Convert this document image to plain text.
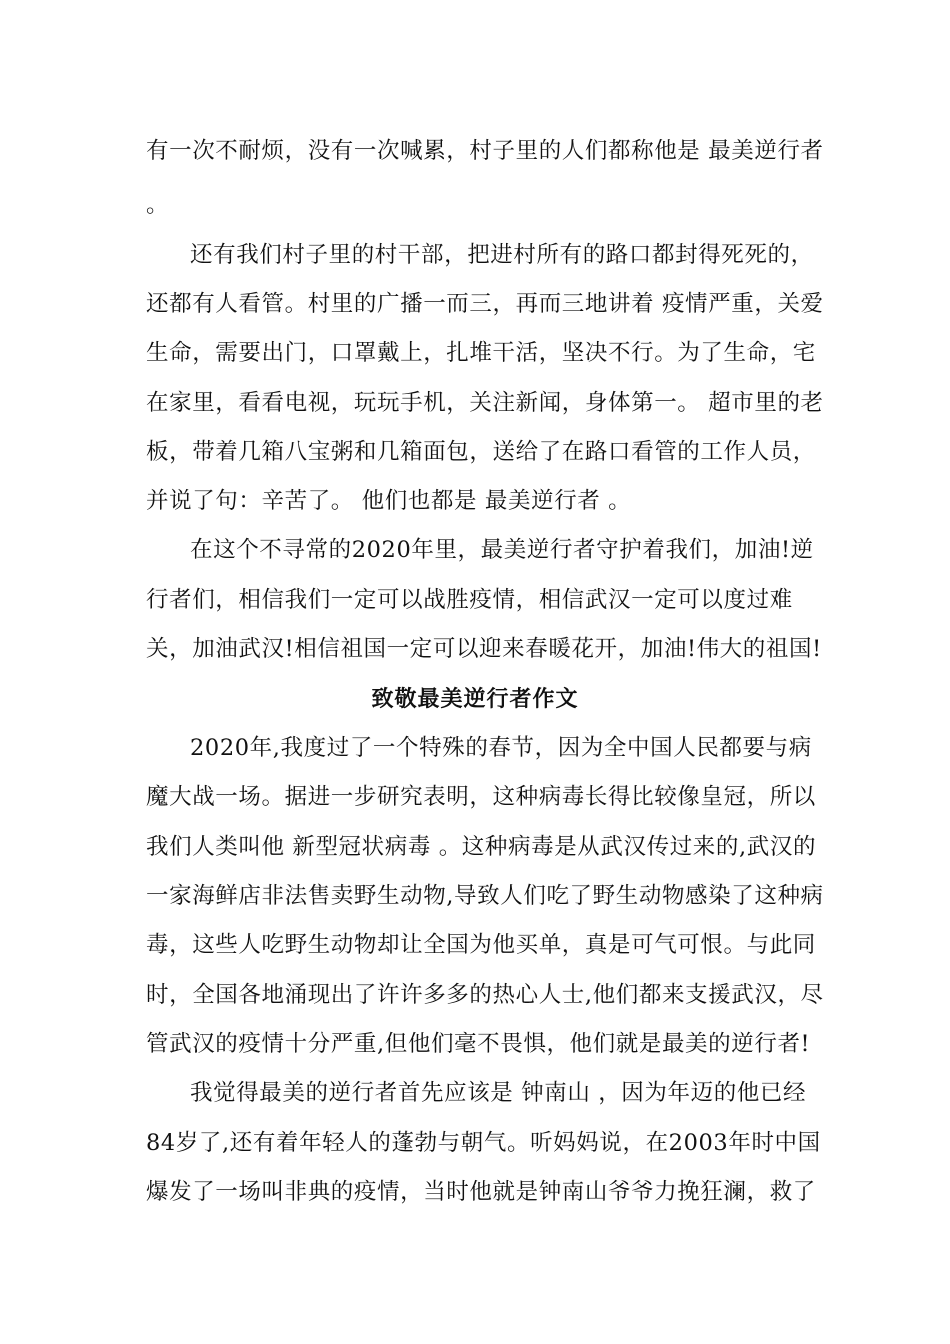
有一次不耐烦，没有一次喊累，村子里的人们都称他是 最美逆行者
。
还有我们村子里的村干部，把进村所有的路口都封得死死的，
还都有人看管。村里的广播一而三，再而三地讲着 疫情严重，关爱
生命，需要出门，口罩戴上，扎堆干活，坚决不行。为了生命，宅
在家里，看看电视，玩玩手机，关注新闻，身体第一。 超市里的老
板，带着几箱八宝粥和几箱面包，送给了在路口看管的工作人员，
并说了句：辛苦了。 他们也都是 最美逆行者 。
在这个不寻常的2020年里，最美逆行者守护着我们，加油!逆
行者们，相信我们一定可以战胜疫情，相信武汉一定可以度过难
关，加油武汉!相信祖国一定可以迎来春暖花开，加油!伟大的祖国!
致敬最美逆行者作文
2020年,我度过了一个特殊的春节，因为全中国人民都要与病
魔大战一场。据进一步研究表明，这种病毒长得比较像皇冠，所以
我们人类叫他 新型冠状病毒 。这种病毒是从武汉传过来的,武汉的
一家海鲜店非法售卖野生动物,导致人们吃了野生动物感染了这种病
毒，这些人吃野生动物却让全国为他买单，真是可气可恨。与此同
时，全国各地涌现出了许许多多的热心人士,他们都来支援武汉，尽
管武汉的疫情十分严重,但他们毫不畏惧，他们就是最美的逆行者!
我觉得最美的逆行者首先应该是 钟南山 ，因为年迈的他已经
84岁了,还有着年轻人的蓬勃与朝气。听妈妈说，在2003年时中国
爆发了一场叫非典的疫情，当时他就是钟南山爷爷力挽狂澜，救了
